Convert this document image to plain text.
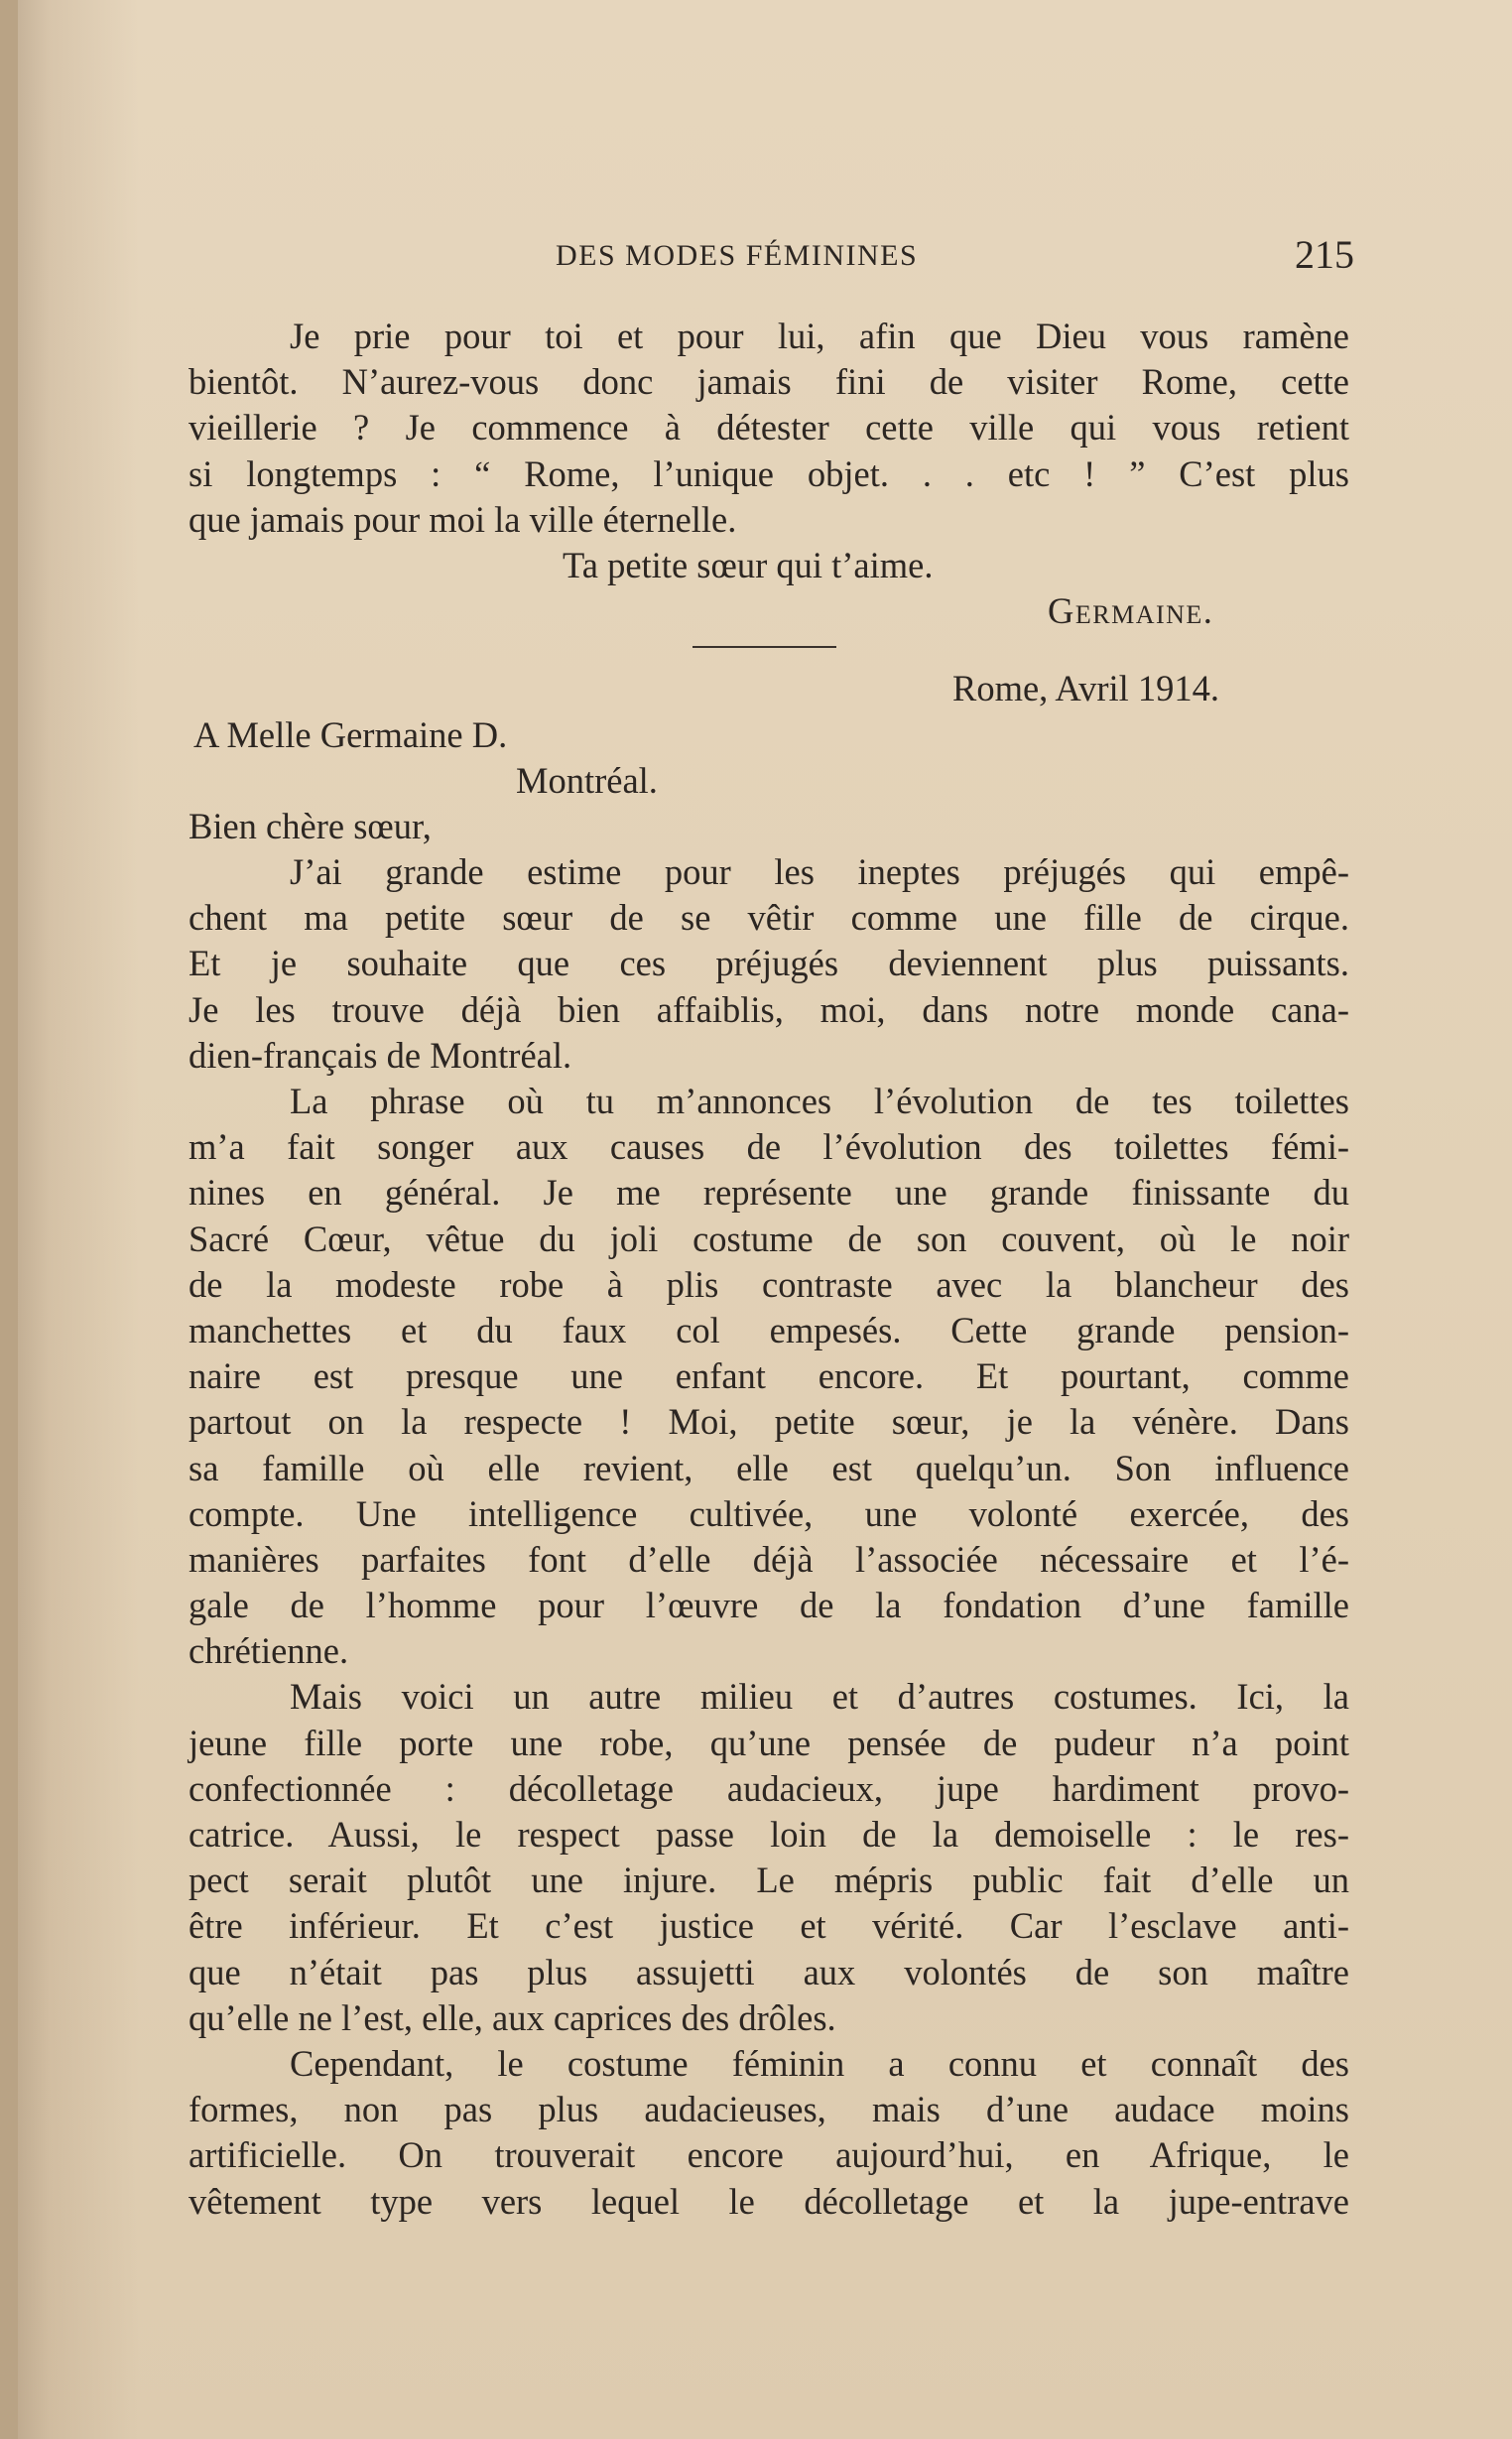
DES MODES FÉMININES	215
Je prie pour toi et pour lui, afin que Dieu vous ramène
bientôt. N’aurez-vous donc jamais fini de visiter Rome, cette
vieillerie ? Je commence à détester cette ville qui vous retient
si longtemps : “ Rome, l’unique objet. . . etc ! ” C’est plus
que jamais pour moi la ville éternelle.
Ta petite sœur qui t’aime.
Germaine.
Rome, Avril 1914.
A Melle Germaine D.
Montréal.
Bien chère sœur,
J’ai grande estime pour les ineptes préjugés qui empê-
chent ma petite sœur de se vêtir comme une fille de cirque.
Et je souhaite que ces préjugés deviennent plus puissants.
Je les trouve déjà bien affaiblis, moi, dans notre monde cana-
dien-français de Montréal.
La phrase où tu m’annonces l’évolution de tes toilettes
m’a fait songer aux causes de l’évolution des toilettes fémi-
nines en général. Je me représente une grande finissante du
Sacré Cœur, vêtue du joli costume de son couvent, où le noir
de la modeste robe à plis contraste avec la blancheur des
manchettes et du faux col empesés. Cette grande pension-
naire est presque une enfant encore. Et pourtant, comme
partout on la respecte ! Moi, petite sœur, je la vénère. Dans
sa famille où elle revient, elle est quelqu’un. Son influence
compte. Une intelligence cultivée, une volonté exercée, des
manières parfaites font d’elle déjà l’associée nécessaire et l’é-
gale de l’homme pour l’œuvre de la fondation d’une famille
chrétienne.
Mais voici un autre milieu et d’autres costumes. Ici, la
jeune fille porte une robe, qu’une pensée de pudeur n’a point
confectionnée : décolletage audacieux, jupe hardiment provo-
catrice. Aussi, le respect passe loin de la demoiselle : le res-
pect serait plutôt une injure. Le mépris public fait d’elle un
être inférieur. Et c’est justice et vérité. Car l’esclave anti-
que n’était pas plus assujetti aux volontés de son maître
qu’elle ne l’est, elle, aux caprices des drôles.
Cependant, le costume féminin a connu et connaît des
formes, non pas plus audacieuses, mais d’une audace moins
artificielle. On trouverait encore aujourd’hui, en Afrique, le
vêtement type vers lequel le décolletage et la jupe-entrave
